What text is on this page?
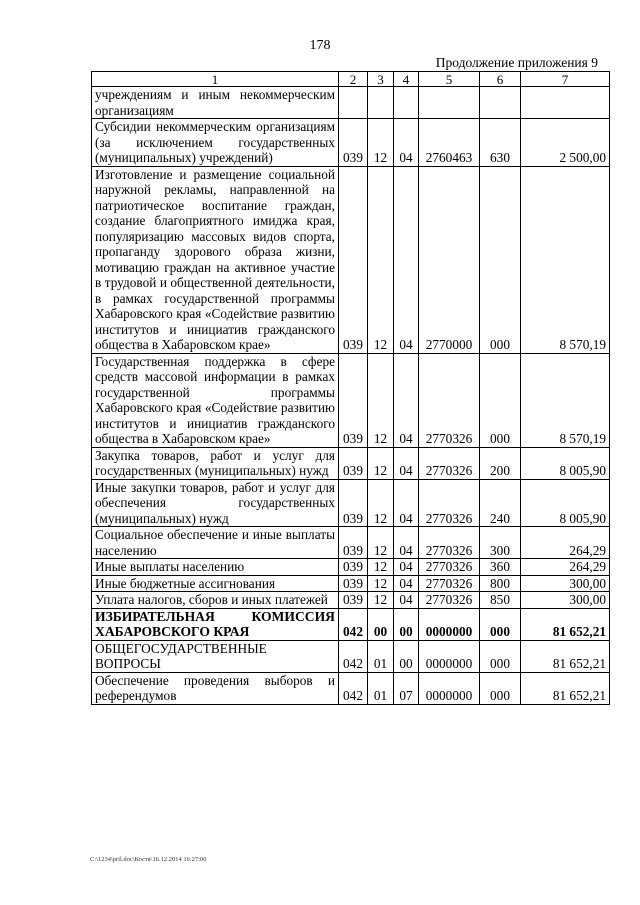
178
Продолжение приложения 9
1	2	3	4	5	6	7
учреждениям и иным некоммерческим организациям						
Субсидии некоммерческим организациям (за исключением государственных (муниципальных) учреждений)	039	12	04	2760463	630	2 500,00
Изготовление и размещение социальной наружной рекламы, направленной на патриотическое воспитание граждан, создание благоприятного имиджа края, популяризацию массовых видов спорта, пропаганду здорового образа жизни, мотивацию граждан на активное участие в трудовой и общественной деятельности, в рамках государственной программы Хабаровского края «Содействие развитию институтов и инициатив гражданского общества в Хабаровском крае»	039	12	04	2770000	000	8 570,19
Государственная поддержка в сфере средств массовой информации в рамках государственной программы Хабаровского края «Содействие развитию институтов и инициатив гражданского общества в Хабаровском крае»	039	12	04	2770326	000	8 570,19
Закупка товаров, работ и услуг для государственных (муниципальных) нужд	039	12	04	2770326	200	8 005,90
Иные закупки товаров, работ и услуг для обеспечения государственных (муниципальных) нужд	039	12	04	2770326	240	8 005,90
Социальное обеспечение и иные выплаты населению	039	12	04	2770326	300	264,29
Иные выплаты населению	039	12	04	2770326	360	264,29
Иные бюджетные ассигнования	039	12	04	2770326	800	300,00
Уплата налогов, сборов и иных платежей	039	12	04	2770326	850	300,00
ИЗБИРАТЕЛЬНАЯ КОМИССИЯ ХАБАРОВСКОГО КРАЯ	042	00	00	0000000	000	81 652,21
ОБЩЕГОСУДАРСТВЕННЫЕ ВОПРОСЫ	042	01	00	0000000	000	81 652,21
Обеспечение проведения выборов и референдумов	042	01	07	0000000	000	81 652,21
C:\1234\pril.doc\Костя\16.12.2014 16:27:00
